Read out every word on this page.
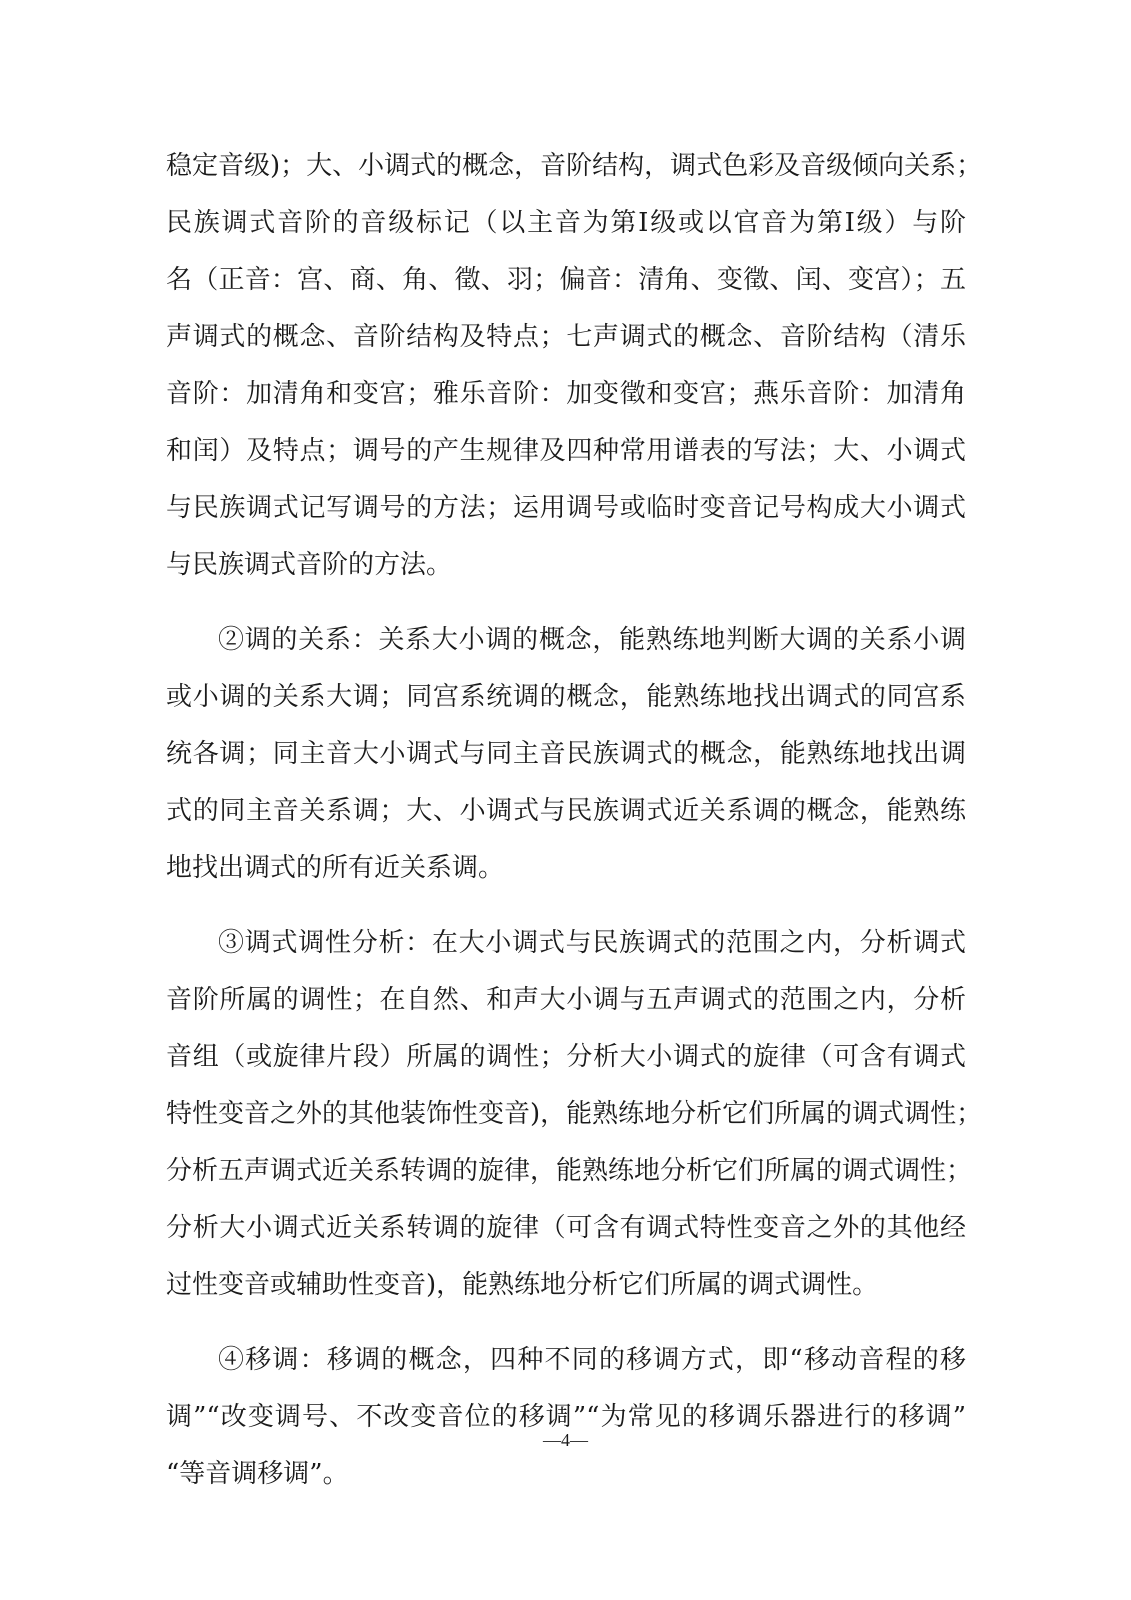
稳定音级)；大、小调式的概念，音阶结构，调式色彩及音级倾向关系；
民族调式音阶的音级标记（以主音为第Ⅰ级或以官音为第Ⅰ级）与阶
名（正音：宫、商、角、徵、羽；偏音：清角、变徵、闰、变宫）；五
声调式的概念、音阶结构及特点；七声调式的概念、音阶结构（清乐
音阶：加清角和变宫；雅乐音阶：加变徵和变宫；燕乐音阶：加清角
和闰）及特点；调号的产生规律及四种常用谱表的写法；大、小调式
与民族调式记写调号的方法；运用调号或临时变音记号构成大小调式
与民族调式音阶的方法。
②调的关系：关系大小调的概念，能熟练地判断大调的关系小调
或小调的关系大调；同宫系统调的概念，能熟练地找出调式的同宫系
统各调；同主音大小调式与同主音民族调式的概念，能熟练地找出调
式的同主音关系调；大、小调式与民族调式近关系调的概念，能熟练
地找出调式的所有近关系调。
③调式调性分析：在大小调式与民族调式的范围之内，分析调式
音阶所属的调性；在自然、和声大小调与五声调式的范围之内，分析
音组（或旋律片段）所属的调性；分析大小调式的旋律（可含有调式
特性变音之外的其他装饰性变音)，能熟练地分析它们所属的调式调性；
分析五声调式近关系转调的旋律，能熟练地分析它们所属的调式调性；
分析大小调式近关系转调的旋律（可含有调式特性变音之外的其他经
过性变音或辅助性变音)，能熟练地分析它们所属的调式调性。
④移调：移调的概念，四种不同的移调方式，即“移动音程的移
调”“改变调号、不改变音位的移调”“为常见的移调乐器进行的移调”
“等音调移调”。
—4—
